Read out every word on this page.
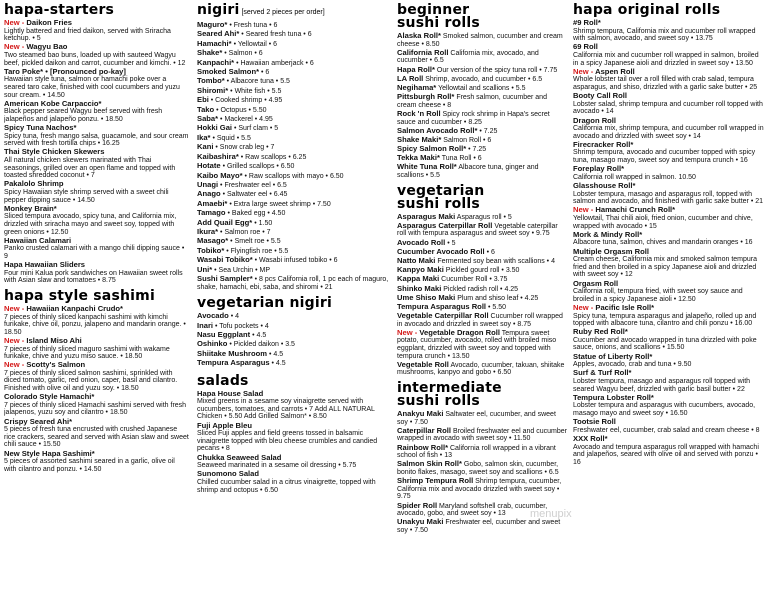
hapa-starters
New - Daikon Fries
Lightly battered and fried daikon, served with Sriracha ketchup. • 5
New - Wagyu Bao
Two steamed bao buns, loaded up with sauteed Wagyu beef, pickled daikon and carrot, cucumber and kimchi. • 12
Taro Poke* • [Pronounced po-kay]
Hawaiian style tuna, salmon or hamachi poke over a seared taro cake, finished with cool cucumbers and yuzu sour cream. • 14.50
American Kobe Carpaccio*
Black pepper seared Wagyu beef served with fresh jalapeños and jalapeño ponzu. • 18.50
Spicy Tuna Nachos*
Spicy tuna, fresh mango salsa, guacamole, and sour cream served with fresh tortilla chips • 16.25
Thai Style Chicken Skewers
All natural chicken skewers marinated with Thai seasonings, grilled over an open flame and topped with toasted shredded coconut • 7
Pakalolo Shrimp
Spicy Hawaiian style shrimp served with a sweet chili pepper dipping sauce • 14.50
Monkey Brain*
Sliced tempura avocado, spicy tuna, and California mix, drizzled with sriracha mayo and sweet soy, topped with green onions • 12.50
Hawaiian Calamari
Panko crusted calamari with a mango chili dipping sauce • 9
Hapa Hawaiian Sliders
Four mini Kalua pork sandwiches on Hawaiian sweet rolls with Asian slaw and tomatoes • 8.75
hapa style sashimi
New - Hawaiian Kanpachi Crudo*
7 pieces of thinly sliced kanpachi sashimi with kimchi furikake, chive oil, ponzu, jalapeno and mandarin orange. • 18.50
New - Island Miso Ahi
7 pieces of thinly sliced maguro sashimi with wakame furikake, chive and yuzu miso sauce. • 18.50
New - Scotty's Salmon
7 pieces of thinly sliced salmon sashimi, sprinkled with diced tomato, garlic, red onion, caper, basil and cilantro. Finished with olive oil and yuzu soy. • 18.50
Colorado Style Hamachi*
7 pieces of thinly sliced Hamachi sashimi served with fresh jalapenos, yuzu soy and cilantro • 18.50
Crispy Seared Ahi*
5 pieces of fresh tuna encrusted with crushed Japanese rice crackers, seared and served with Asian slaw and sweet chili sauce • 15.50
New Style Hapa Sashimi*
5 pieces of assorted sashimi seared in a garlic, olive oil with cilantro and ponzu. • 14.50
nigiri [served 2 pieces per order]
Maguro* • Fresh tuna • 6
Seared Ahi* • Seared fresh tuna • 6
Hamachi* • Yellowtail • 6
Shake* • Salmon • 6
Kanpachi* • Hawaiian amberjack • 6
Smoked Salmon* • 6
Tombo* • Albacore tuna • 5.5
Shiromi* • White fish • 5.5
Ebi • Cooked shrimp • 4.95
Tako • Octopus • 5.50
Saba* • Mackerel • 4.95
Hokki Gai • Surf clam • 5
Ika* • Squid • 5.5
Kani • Snow crab leg • 7
Kaibashira* • Raw scallops • 6.25
Hotate • Grilled scallops • 6.50
Kaibo Mayo* • Raw scallops with mayo • 6.50
Unagi • Freshwater eel • 6.5
Anago • Saltwater eel • 6.45
Amaebi* • Extra large sweet shrimp • 7.50
Tamago • Baked egg • 4.50
Add Quail Egg* • 1.50
Ikura* • Salmon roe • 7
Masago* • Smelt roe • 5.5
Tobiko* • Flyingfish roe • 5.5
Wasabi Tobiko* • Wasabi infused tobiko • 6
Uni* • Sea Urchin • MP
Sushi Sampler* • 8 pcs California roll, 1 pc each of maguro, shake, hamachi, ebi, saba, and shiromi • 21
vegetarian nigiri
Avocado • 4
Inari • Tofu pockets • 4
Nasu Eggplant • 4.5
Oshinko • Pickled daikon • 3.5
Shiitake Mushroom • 4.5
Tempura Asparagus • 4.5
salads
Hapa House Salad
Mixed greens in a sesame soy vinaigrette served with cucumbers, tomatoes, and carrots • 7 Add ALL NATURAL Chicken • 5.50 Add Grilled Salmon* • 8.50
Fuji Apple Bleu
Sliced Fuji apples and field greens tossed in balsamic vinaigrette topped with bleu cheese crumbles and candied pecans • 8
Chukka Seaweed Salad
Seaweed marinated in a sesame oil dressing • 5.75
Sunomono Salad
Chilled cucumber salad in a citrus vinaigrette, topped with shrimp and octopus • 6.50
beginner
sushi rolls
Alaska Roll* Smoked salmon, cucumber and cream cheese • 8.50
California Roll California mix, avocado, and cucumber • 6.5
Hapa Roll* Our version of the spicy tuna roll • 7.75
LA Roll Shrimp, avocado, and cucumber • 6.5
Negihama* Yellowtail and scallions • 5.5
Pittsburgh Roll* Fresh salmon, cucumber and cream cheese • 8
Rock 'n Roll Spicy rock shrimp in Hapa's secret sauce and cucumber • 8.25
Salmon Avocado Roll* • 7.25
Shake Maki* Salmon Roll • 6
Spicy Salmon Roll* • 7.25
Tekka Maki* Tuna Roll • 6
White Tuna Roll* Albacore tuna, ginger and scallions • 5.5
vegetarian
sushi rolls
Asparagus Maki Asparagus roll • 5
Asparagus Caterpillar Roll Vegetable caterpillar roll with tempura asparagus and sweet soy • 9.75
Avocado Roll • 5
Cucumber Avocado Roll • 6
Natto Maki Fermented soy bean with scallions • 4
Kanpyo Maki Pickled gourd roll • 3.50
Kappa Maki Cucumber Roll • 3.75
Shinko Maki Pickled radish roll • 4.25
Ume Shiso Maki Plum and shiso leaf • 4.25
Tempura Asparagus Roll • 5.50
Vegetable Caterpillar Roll Cucumber roll wrapped in avocado and drizzled in sweet soy • 8.75
New - Vegetable Dragon Roll Tempura sweet potato, cucumber, avocado, rolled with broiled miso eggplant, drizzled with sweet soy and topped with tempura crunch • 13.50
Vegetable Roll Avocado, cucumber, takuan, shiitake mushrooms, kanpyo and gobo • 6.50
intermediate
sushi rolls
Anakyu Maki Saltwater eel, cucumber, and sweet soy • 7.50
Caterpillar Roll Broiled freshwater eel and cucumber wrapped in avocado with sweet soy • 11.50
Rainbow Roll* California roll wrapped in a vibrant school of fish • 13
Salmon Skin Roll* Gobo, salmon skin, cucumber, bonito flakes, masago, sweet soy and scallions • 6.5
Shrimp Tempura Roll Shrimp tempura, cucumber, California mix and avocado drizzled with sweet soy • 9.75
Spider Roll Maryland softshell crab, cucumber, avocado, gobo, and sweet soy • 13
Unakyu Maki Freshwater eel, cucumber and sweet soy • 7.50
hapa original rolls
#9 Roll*
Shrimp tempura, California mix and cucumber roll wrapped with salmon, avocado, and sweet soy • 13.75
69 Roll
California mix and cucumber roll wrapped in salmon, broiled in a spicy Japanese aioli and drizzled in sweet soy • 13.50
New - Aspen Roll
Whole lobster tail over a roll filled with crab salad, tempura asparagus, and shiso, drizzled with a garlic sake butter • 25
Booty Call Roll
Lobster salad, shrimp tempura and cucumber roll topped with avocado • 14
Dragon Roll
California mix, shrimp tempura, and cucumber roll wrapped in avocado and drizzled with sweet soy • 14
Firecracker Roll*
Shrimp tempura, avocado and cucumber topped with spicy tuna, masago mayo, sweet soy and tempura crunch • 16
Foreplay Roll*
California roll wrapped in salmon. 10.50
Glasshouse Roll*
Lobster tempura, masago and asparagus roll, topped with salmon and avocado, and finished with garlic sake butter • 21
New - Hamachi Crunch Roll*
Yellowtail, Thai chili aioli, fried onion, cucumber and chive, wrapped with avocado • 15
Mork & Mindy Roll*
Albacore tuna, salmon, chives and mandarin oranges • 16
Multiple Orgasm Roll
Cream cheese, California mix and smoked salmon tempura fried and then broiled in a spicy Japanese aioli and drizzled with sweet soy • 12
Orgasm Roll
California roll, tempura fried, with sweet soy sauce and broiled in a spicy Japanese aioli • 12.50
New - Pacific Isle Roll*
Spicy tuna, tempura asparagus and jalapeño, rolled up and topped with albacore tuna, cilantro and chili ponzu • 16.00
Ruby Red Roll*
Cucumber and avocado wrapped in tuna drizzled with poke sauce, onions, and scallions • 15.50
Statue of Liberty Roll*
Apples, avocado, crab and tuna • 9.50
Surf & Turf Roll*
Lobster tempura, masago and asparagus roll topped with seared Wagyu beef, drizzled with garlic basil butter • 22
Tempura Lobster Roll*
Lobster tempura and asparagus with cucumbers, avocado, masago mayo and sweet soy • 16.50
Tootsie Roll
Freshwater eel, cucumber, crab salad and cream cheese • 8
XXX Roll*
Avocado and tempura asparagus roll wrapped with hamachi and jalapeños, seared with olive oil and served with ponzu • 16
menupix
